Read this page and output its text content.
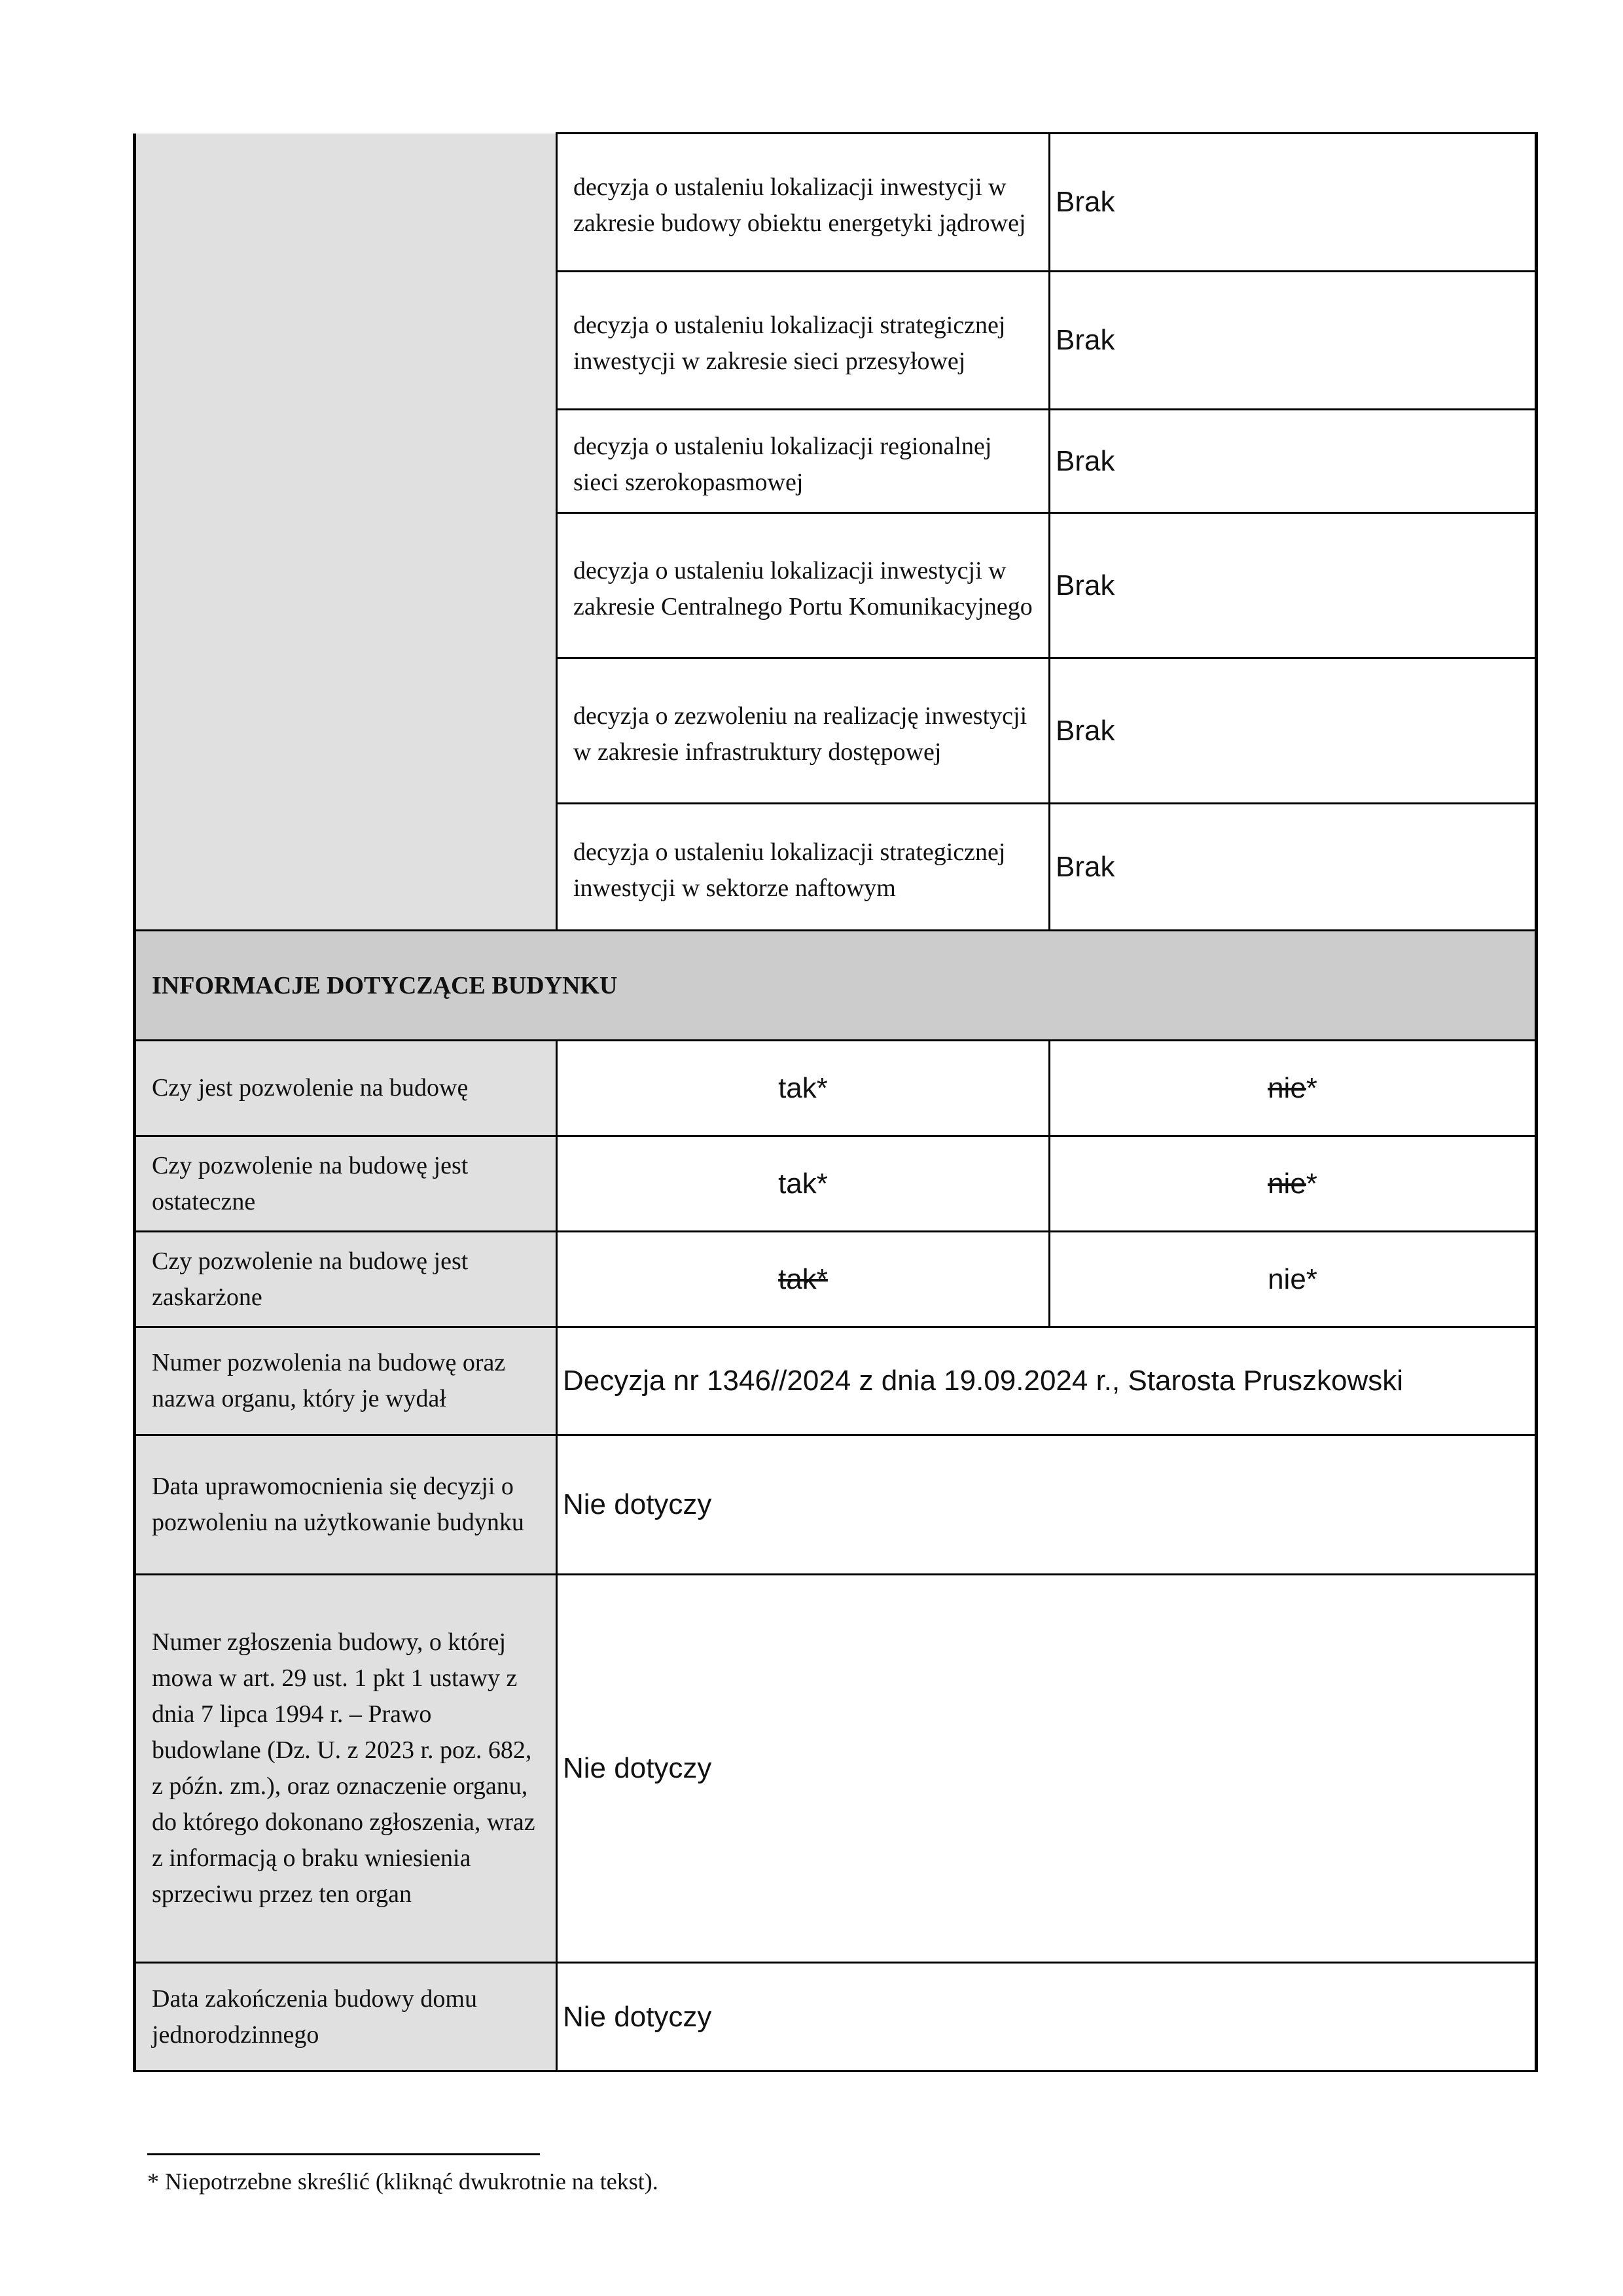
	decyzja o ustaleniu lokalizacji inwestycji w zakresie budowy obiektu energetyki jądrowej	Brak

	decyzja o ustaleniu lokalizacji strategicznej inwestycji w zakresie sieci przesyłowej	Brak

	decyzja o ustaleniu lokalizacji regionalnej sieci szerokopasmowej	Brak

	decyzja o ustaleniu lokalizacji inwestycji w zakresie Centralnego Portu Komunikacyjnego	Brak

	decyzja o zezwoleniu na realizację inwestycji w zakresie infrastruktury dostępowej	Brak

	decyzja o ustaleniu lokalizacji strategicznej inwestycji w sektorze naftowym	Brak
INFORMACJE DOTYCZĄCE BUDYNKU		
Czy jest pozwolenie na budowę	tak*	nie*
Czy pozwolenie na budowę jest ostateczne	tak*	nie*
Czy pozwolenie na budowę jest zaskarżone	tak*	nie*
Numer pozwolenia na budowę oraz nazwa organu, który je wydał	Decyzja nr 1346//2024 z dnia 19.09.2024 r., Starosta Pruszkowski	
Data uprawomocnienia się decyzji o pozwoleniu na użytkowanie budynku	Nie dotyczy	
Numer zgłoszenia budowy, o której mowa w art. 29 ust. 1 pkt 1 ustawy z dnia 7 lipca 1994 r. – Prawo budowlane (Dz. U. z 2023 r. poz. 682, z późn. zm.), oraz oznaczenie organu, do którego dokonano zgłoszenia, wraz z informacją o braku wniesienia sprzeciwu przez ten organ	Nie dotyczy	
Data zakończenia budowy domu jednorodzinnego	Nie dotyczy	
* Niepotrzebne skreślić (kliknąć dwukrotnie na tekst).
